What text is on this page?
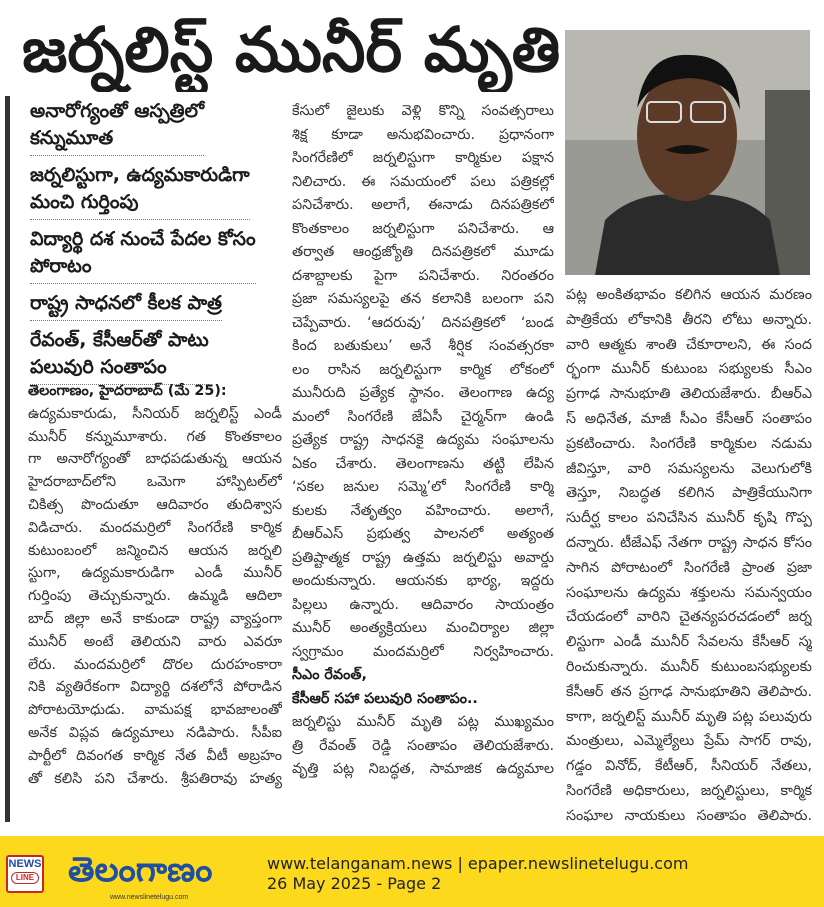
జర్నలిస్ట్ మునీర్ మృతి
అనారోగ్యంతో ఆస్పత్రిలో
కన్నుమూత

జర్నలిస్టుగా, ఉద్యమకారుడిగా
మంచి గుర్తింపు

విద్యార్థి దశ నుంచే పేదల కోసం
పోరాటం

రాష్ట్ర సాధనలో కీలక పాత్ర

రేవంత్, కేసీఆర్‌తో పాటు
పలువురి సంతాపం

తెలంగాణం, హైదరాబాద్ (మే 25):
ఉద్యమకారుడు, సీనియర్ జర్నలిస్ట్ ఎండీ
మునీర్ కన్నుమూశారు. గత కొంతకాలం
గా అనారోగ్యంతో బాధపడుతున్న ఆయన
హైదరాబాద్‌లోని ఒమెగా హాస్పిటల్‌లో
చికిత్స పొందుతూ ఆదివారం తుదిశ్వాస
విడిచారు. మందమర్రిలో సింగరేణి కార్మిక
కుటుంబంలో జన్మించిన ఆయన జర్నలి
స్టుగా, ఉద్యమకారుడిగా ఎండీ మునీర్
గుర్తింపు తెచ్చుకున్నారు. ఉమ్మడి ఆదిలా
బాద్ జిల్లా అనే కాకుండా రాష్ట్ర వ్యాప్తంగా
మునీర్ అంటే తెలియని వారు ఎవరూ
లేరు. మందమర్రిలో దొరల దురహంకారా
నికి వ్యతిరేకంగా విద్యార్థి దశలోనే పోరాడిన
పోరాటయోధుడు. వామపక్ష భావజాలంతో
అనేక విప్లవ ఉద్యమాలు నడిపారు. సీపీఐ
పార్టీలో దివంగత కార్మిక నేత వీటీ అబ్రహం
తో కలిసి పని చేశారు. శ్రీపతిరావు హత్య
కేసులో జైలుకు వెళ్లి కొన్ని సంవత్సరాలు
శిక్ష కూడా అనుభవించారు. ప్రధానంగా
సింగరేణిలో జర్నలిస్టుగా కార్మికుల పక్షాన
నిలిచారు. ఈ సమయంలో పలు పత్రికల్లో
పనిచేశారు. అలాగే, ఈనాడు దినపత్రికలో
కొంతకాలం జర్నలిస్టుగా పనిచేశారు. ఆ
తర్వాత ఆంధ్రజ్యోతి దినపత్రికలో మూడు
దశాబ్దాలకు పైగా పనిచేశారు. నిరంతరం
ప్రజా సమస్యలపై తన కలానికి బలంగా పని
చెప్పేవారు. ‘ఆదరువు’ దినపత్రికలో ‘బండ
కింద బతుకులు’ అనే శీర్షిక సంవత్సరకా
లం రాసిన జర్నలిస్టుగా కార్మిక లోకంలో
మునీరుది ప్రత్యేక స్థానం. తెలంగాణ ఉద్య
మంలో సింగరేణి జేఏసీ చైర్మన్‌గా ఉండి
ప్రత్యేక రాష్ట్ర సాధనకై ఉద్యమ సంఘాలను
ఏకం చేశారు. తెలంగాణను తట్టి లేపిన
‘సకల జనుల సమ్మె’లో సింగరేణి కార్మి
కులకు నేతృత్వం వహించారు. అలాగే,
బీఆర్ఎస్ ప్రభుత్వ పాలనలో అత్యంత
ప్రతిష్టాత్మక రాష్ట్ర ఉత్తమ జర్నలిస్టు అవార్డు
అందుకున్నారు. ఆయనకు భార్య, ఇద్దరు
పిల్లలు ఉన్నారు. ఆదివారం సాయంత్రం
మునీర్ అంత్యక్రియలు మంచిర్యాల జిల్లా
స్వగ్రామం మందమర్రిలో నిర్వహించారు.
సీఎం రేవంత్,
కేసీఆర్ సహా పలువురి సంతాపం..
జర్నలిస్టు మునీర్ మృతి పట్ల ముఖ్యమం
త్రి రేవంత్ రెడ్డి సంతాపం తెలియజేశారు.
వృత్తి పట్ల నిబద్ధత, సామాజిక ఉద్యమాల
పట్ల అంకితభావం కలిగిన ఆయన మరణం
పాత్రికేయ లోకానికి తీరని లోటు అన్నారు.
వారి ఆత్మకు శాంతి చేకూరాలని, ఈ సంద
ర్భంగా మునీర్ కుటుంబ సభ్యులకు సీఎం
ప్రగాఢ సానుభూతి తెలియజేశారు. బీఆర్ఎ
స్ అధినేత, మాజీ సీఎం కేసీఆర్ సంతాపం
ప్రకటించారు. సింగరేణి కార్మికుల నడుమ
జీవిస్తూ, వారి సమస్యలను వెలుగులోకి
తెస్తూ, నిబద్ధత కలిగిన పాత్రికేయునిగా
సుదీర్ఘ కాలం పనిచేసిన మునీర్ కృషి గొప్ప
దన్నారు. టీజేఎఫ్ నేతగా రాష్ట్ర సాధన కోసం
సాగిన పోరాటంలో సింగరేణి ప్రాంత ప్రజా
సంఘాలను ఉద్యమ శక్తులను సమన్వయం
చేయడంలో వారిని చైతన్యపరచడంలో జర్న
లిస్టుగా ఎండీ మునీర్ సేవలను కేసీఆర్ స్మ
రించుకున్నారు. మునీర్ కుటుంబసభ్యులకు
కేసీఆర్ తన ప్రగాఢ సానుభూతిని తెలిపారు.
కాగా, జర్నలిస్ట్ మునీర్ మృతి పట్ల పలువురు
మంత్రులు, ఎమ్మెల్యేలు ప్రేమ్ సాగర్ రావు,
గడ్డం వినోద్, కేటీఆర్, సీనియర్ నేతలు,
సింగరేణి అధికారులు, జర్నలిస్టులు, కార్మిక
సంఘాల నాయకులు సంతాపం తెలిపారు.
NEWS
LINE తెలంగాణం
www.newslinetelugu.com
www.telanganam.news | epaper.newslinetelugu.com
26 May 2025 - Page 2
